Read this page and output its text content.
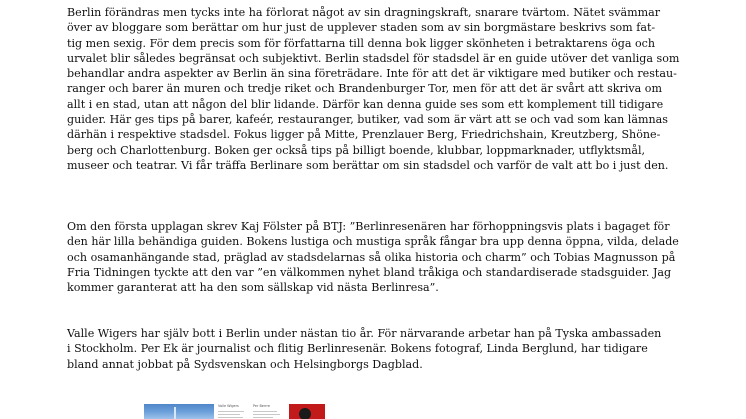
Berlin förändras men tycks inte ha förlorat något av sin dragningskraft, snarare tvärtom. Nätet svämmar
över av bloggare som berättar om hur just de upplever staden som av sin borgmästare beskrivs som fat-
tig men sexig. För dem precis som för författarna till denna bok ligger skönheten i betraktarens öga och
urvalet blir således begränsat och subjektivt. Berlin stadsdel för stadsdel är en guide utöver det vanliga som
behandlar andra aspekter av Berlin än sina företrädare. Inte för att det är viktigare med butiker och restau-
ranger och barer än muren och tredje riket och Brandenburger Tor, men för att det är svårt att skriva om
allt i en stad, utan att någon del blir lidande. Därför kan denna guide ses som ett komplement till tidigare
guider. Här ges tips på barer, kafeér, restauranger, butiker, vad som är värt att se och vad som kan lämnas
därhän i respektive stadsdel. Fokus ligger på Mitte, Prenzlauer Berg, Friedrichshain, Kreutzberg, Shöne-
berg och Charlottenburg. Boken ger också tips på billigt boende, klubbar, loppmarknader, utflyktsmål,
museer och teatrar. Vi får träffa Berlinare som berättar om sin stadsdel och varför de valt att bo i just den.

Om den första upplagan skrev Kaj Fölster på BTJ: ”Berlinresenären har förhoppningsvis plats i bagaget för
den här lilla behändiga guiden. Bokens lustiga och mustiga språk fångar bra upp denna öppna, vilda, delade
och osamanhängande stad, präglad av stadsdelarnas så olika historia och charm” och Tobias Magnusson på
Fria Tidningen tyckte att den var ”en välkommen nyhet bland tråkiga och standardiserade stadsguider. Jag
kommer garanterat att ha den som sällskap vid nästa Berlinresa”.

Valle Wigers har själv bott i Berlin under nästan tio år. För närvarande arbetar han på Tyska ambassaden
i Stockholm. Per Ek är journalist och flitig Berlinresenär. Bokens fotograf, Linda Berglund, har tidigare
bland annat jobbat på Sydsvenskan och Helsingborgs Dagblad.

Valle Wigers	Per Berrre
